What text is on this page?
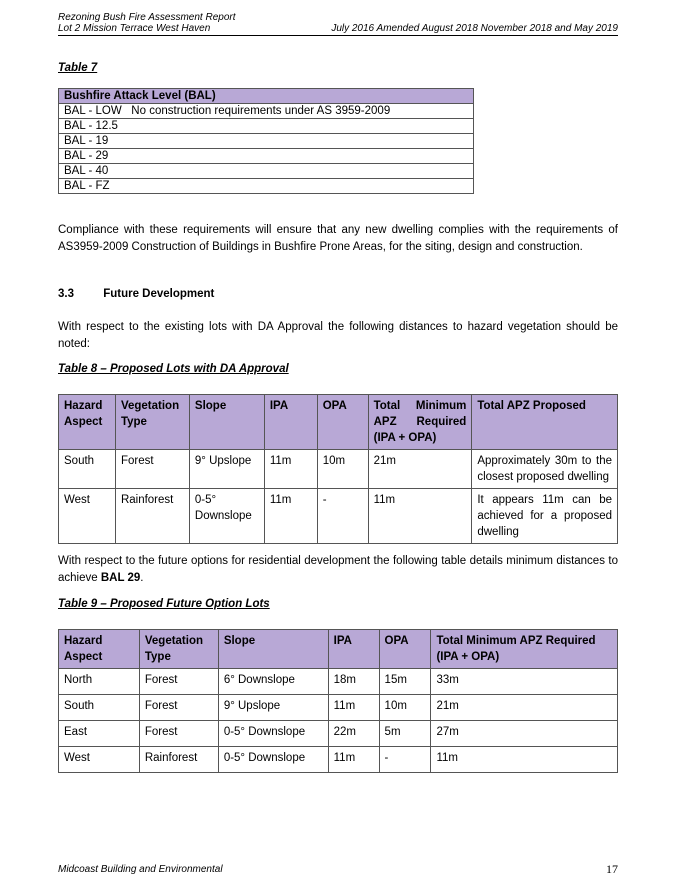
Rezoning Bush Fire Assessment Report
Lot 2 Mission Terrace West Haven	July 2016 Amended August 2018 November 2018 and May 2019
Table 7
Bushfire Attack Level (BAL)
BAL - LOW   No construction requirements under AS 3959-2009
BAL - 12.5
BAL - 19
BAL - 29
BAL - 40
BAL - FZ
Compliance with these requirements will ensure that any new dwelling complies with the requirements of AS3959-2009 Construction of Buildings in Bushfire Prone Areas, for the siting, design and construction.
3.3	Future Development
With respect to the existing lots with DA Approval the following distances to hazard vegetation should be noted:
Table 8 – Proposed Lots with DA Approval
Hazard Aspect	Vegetation Type	Slope	IPA	OPA	Total Minimum APZ Required (IPA + OPA)	Total APZ Proposed
South	Forest	9° Upslope	11m	10m	21m	Approximately 30m to the closest proposed dwelling
West	Rainforest	0-5° Downslope	11m	-	11m	It appears 11m can be achieved for a proposed dwelling
With respect to the future options for residential development the following table details minimum distances to achieve BAL 29.
Table 9 – Proposed Future Option Lots
Hazard Aspect	Vegetation Type	Slope	IPA	OPA	Total Minimum APZ Required (IPA + OPA)
North	Forest	6° Downslope	18m	15m	33m
South	Forest	9° Upslope	11m	10m	21m
East	Forest	0-5° Downslope	22m	5m	27m
West	Rainforest	0-5° Downslope	11m	-	11m
Midcoast Building and Environmental	17
